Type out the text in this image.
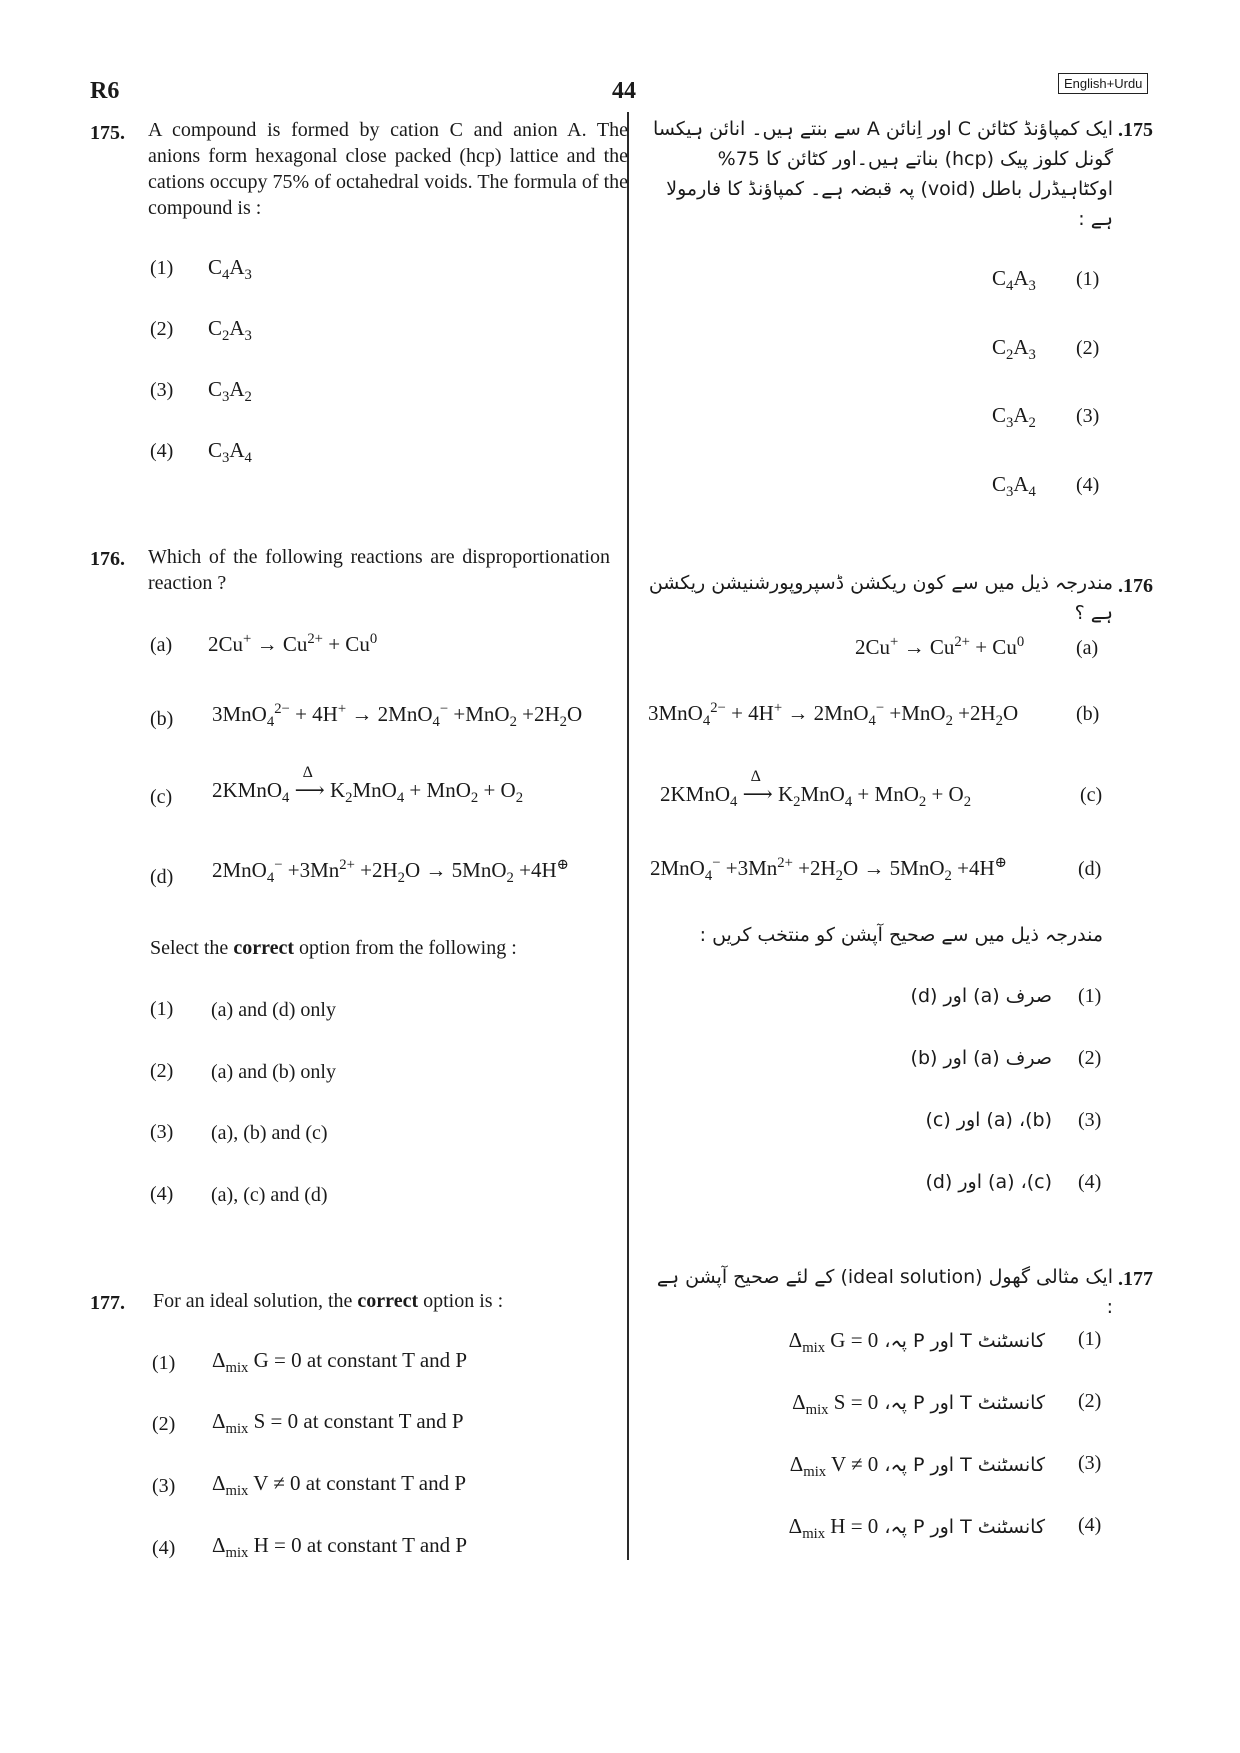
R6	44	English+Urdu
175. A compound is formed by cation C and anion A. The anions form hexagonal close packed (hcp) lattice and the cations occupy 75% of octahedral voids. The formula of the compound is :
(1) $C_4A_3$
(2) $C_2A_3$
(3) $C_3A_2$
(4) $C_3A_4$
176. Which of the following reactions are disproportionation reaction ?
(a) $2Cu^+ \to Cu^{2+} + Cu^0$
(b) $3MnO_4^{2-} + 4H^+ \to 2MnO_4^- +MnO_2 +2H_2O$
(c) 2KMnO$_4$
Δ
⟶ $K_2MnO_4 + MnO_2 + O_2$
(d) $2MnO_4^- +3Mn^{2+} +2H_2O \to 5MnO_2 +4H^\oplus$
Select the correct option from the following :
(1) (a) and (d) only
(2) (a) and (b) only
(3) (a), (b) and (c)
(4) (a), (c) and (d)
177. For an ideal solution, the correct option is :
(1) $\Delta_{mix}$ G = 0 at constant T and P
(2) $\Delta_{mix}$ S = 0 at constant T and P
(3) $\Delta_{mix}$ V ≠ 0 at constant T and P
(4) $\Delta_{mix}$ H = 0 at constant T and P
.175
ایک کمپاؤنڈ کٹائن C اور اِنائن A سے بنتے ہیں۔ انائن ہیکسا گونل کلوز پیک (hcp) بناتے ہیں۔اور کٹائن کا 75% اوکٹاہیڈرل باطل (void) پہ قبضہ ہے۔ کمپاؤنڈ کا فارمولا ہے :
$C_4A_3$ (1)
$C_2A_3$ (2)
$C_3A_2$ (3)
$C_3A_4$ (4)
.176
مندرجہ ذیل میں سے کون ریکشن ڈسپروپورشنیشن ریکشن ہے ؟
$2Cu^+ \to Cu^{2+} + Cu^0$	(a)
$3MnO_4^{2-} + 4H^+ \to 2MnO_4^- +MnO_2 +2H_2O$	(b)
2KMnO$_4$
Δ
⟶ $K_2MnO_4 + MnO_2 + O_2$	(c)
$2MnO_4^- +3Mn^{2+} +2H_2O \to 5MnO_2 +4H^\oplus$	(d)
مندرجہ ذیل میں سے صحیح آپشن کو منتخب کریں :
صرف (a) اور (d) (1)
صرف (a) اور (b) (2)
(b)، (a) اور (c) (3)
(c)، (a) اور (d) (4)
.177
ایک مثالی گھول (ideal solution) کے لئے صحیح آپشن ہے :
کانسٹنٹ T اور P پہ، $\Delta_{mix}$ G = 0	(1)
کانسٹنٹ T اور P پہ، $\Delta_{mix}$ S = 0	(2)
کانسٹنٹ T اور P پہ، $\Delta_{mix}$ V ≠ 0	(3)
کانسٹنٹ T اور P پہ، $\Delta_{mix}$ H = 0	(4)
